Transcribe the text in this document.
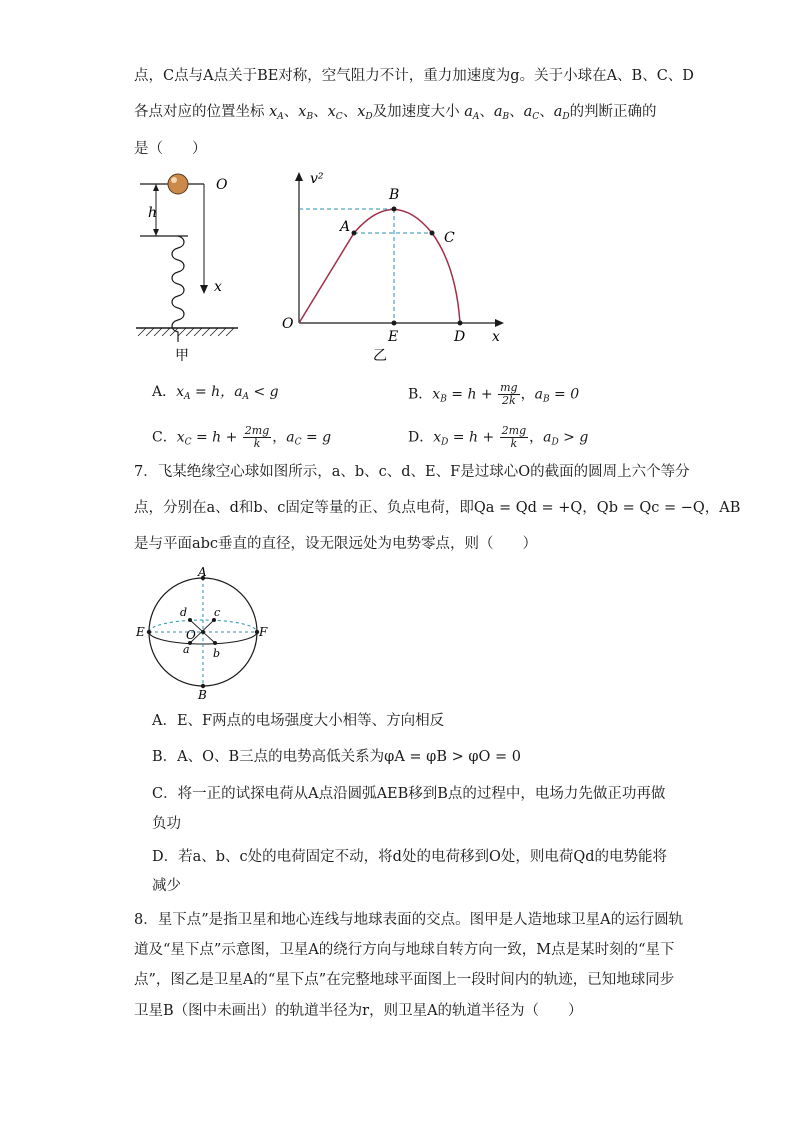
点，C点与A点关于BE对称，空气阻力不计，重力加速度为g。关于小球在A、B、C、D
各点对应的位置坐标 $x_A$、$x_B$、$x_C$、$x_D$及加速度大小 $a_A$、$a_B$、$a_C$、$a_D$的判断正确的
是（　　）
h
O
x
甲
v²
O
x
A
B
C
E	D
乙
A．$x_A = h$，$a_A < g$	B．$x_B = h + \frac{mg}{2k}$ ，$a_B = 0$
C．$x_C = h + \frac{2mg}{k}$ ，$a_C = g$	D．$x_D = h + \frac{2mg}{k}$ ，$a_D > g$
7．飞某绝缘空心球如图所示，a、b、c、d、E、F是过球心O的截面的圆周上六个等分
点，分别在a、d和b、c固定等量的正、负点电荷，即Qa = Qd = +Q，Qb = Qc = −Q，AB
是与平面abc垂直的直径，设无限远处为电势零点，则（　　）
A
B
E	F
O
d c
a b
A．E、F两点的电场强度大小相等、方向相反
B．A、O、B三点的电势高低关系为φA = φB > φO = 0
C．将一正的试探电荷从A点沿圆弧AEB移到B点的过程中，电场力先做正功再做
负功
D．若a、b、c处的电荷固定不动，将d处的电荷移到O处，则电荷Qd的电势能将
减少
8．星下点”是指卫星和地心连线与地球表面的交点。图甲是人造地球卫星A的运行圆轨
道及“星下点”示意图，卫星A的绕行方向与地球自转方向一致，M点是某时刻的“星下
点”，图乙是卫星A的“星下点”在完整地球平面图上一段时间内的轨迹，已知地球同步
卫星B（图中未画出）的轨道半径为r，则卫星A的轨道半径为（　　）
